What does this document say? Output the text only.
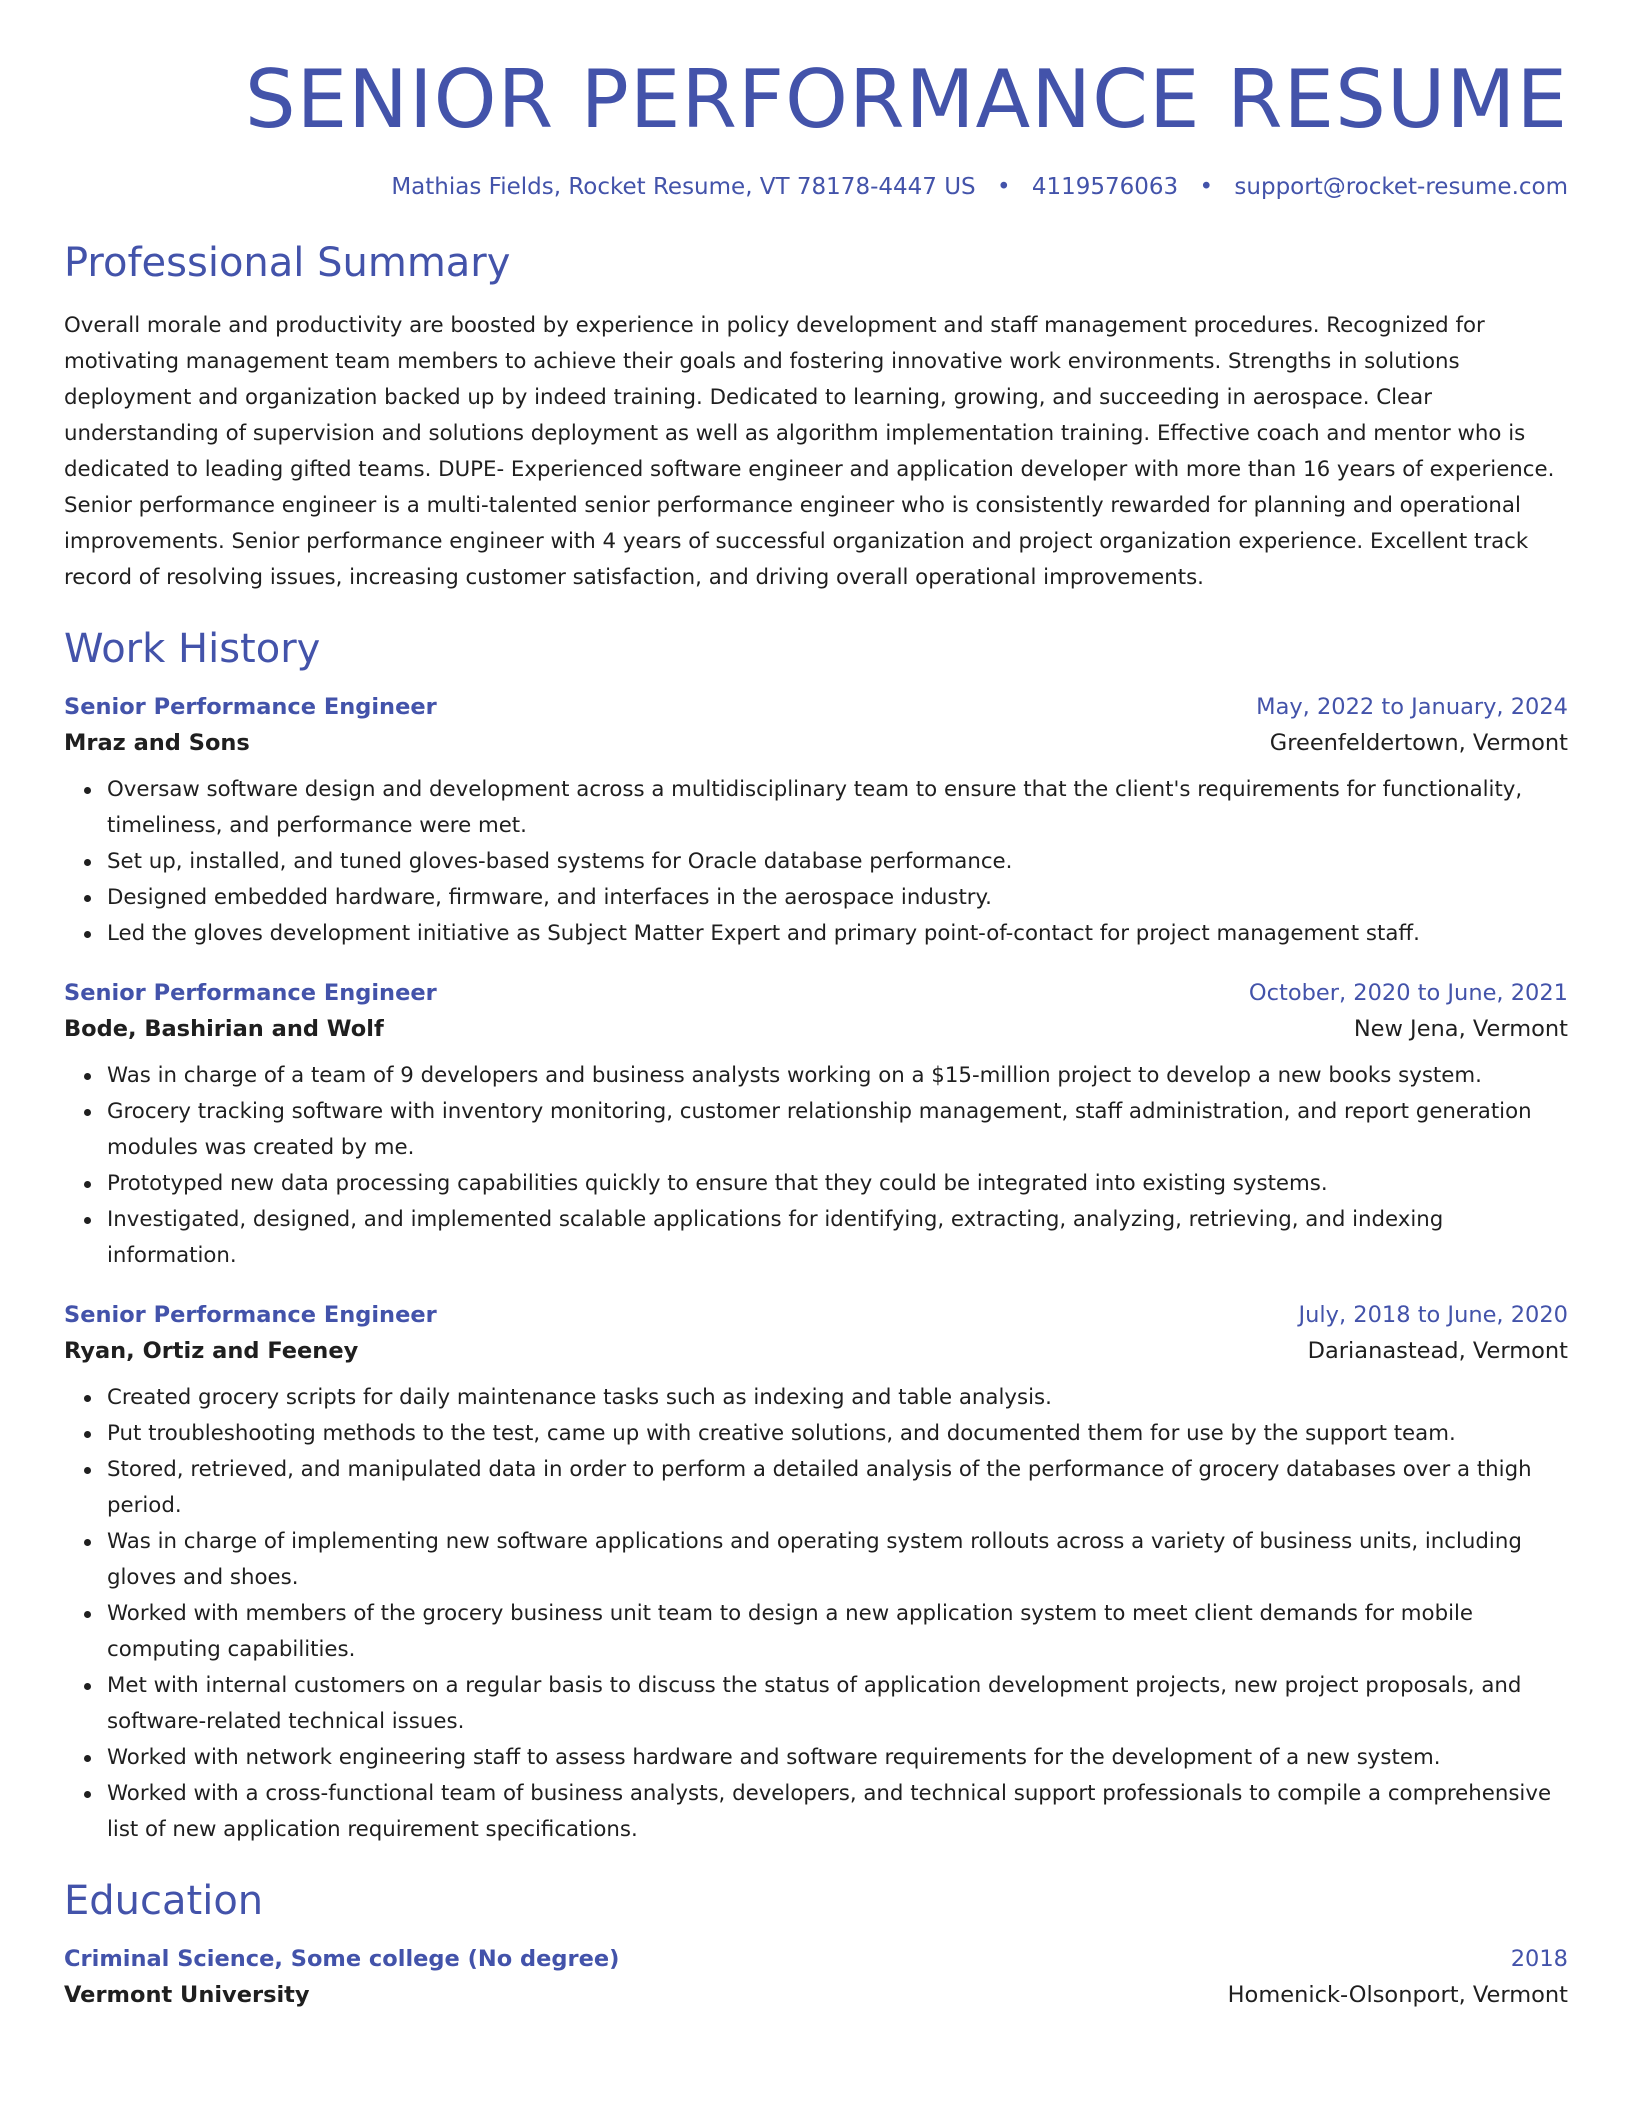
SENIOR PERFORMANCE RESUME
Mathias Fields, Rocket Resume, VT 78178-4447 US • 4119576063 • support@rocket-resume.com
Professional Summary

Overall morale and productivity are boosted by experience in policy development and staff management procedures. Recognized for motivating management team members to achieve their goals and fostering innovative work environments. Strengths in solutions deployment and organization backed up by indeed training. Dedicated to learning, growing, and succeeding in aerospace. Clear understanding of supervision and solutions deployment as well as algorithm implementation training. Effective coach and mentor who is dedicated to leading gifted teams. DUPE- Experienced software engineer and application developer with more than 16 years of experience. Senior performance engineer is a multi-talented senior performance engineer who is consistently rewarded for planning and operational improvements. Senior performance engineer with 4 years of successful organization and project organization experience. Excellent track record of resolving issues, increasing customer satisfaction, and driving overall operational improvements.

Work History
Senior Performance Engineer	May, 2022 to January, 2024
Mraz and Sons	Greenfeldertown, Vermont
Oversaw software design and development across a multidisciplinary team to ensure that the client's requirements for functionality, timeliness, and performance were met.
Set up, installed, and tuned gloves-based systems for Oracle database performance.
Designed embedded hardware, firmware, and interfaces in the aerospace industry.
Led the gloves development initiative as Subject Matter Expert and primary point-of-contact for project management staff.
Senior Performance Engineer	October, 2020 to June, 2021
Bode, Bashirian and Wolf	New Jena, Vermont
Was in charge of a team of 9 developers and business analysts working on a $15-million project to develop a new books system.
Grocery tracking software with inventory monitoring, customer relationship management, staff administration, and report generation modules was created by me.
Prototyped new data processing capabilities quickly to ensure that they could be integrated into existing systems.
Investigated, designed, and implemented scalable applications for identifying, extracting, analyzing, retrieving, and indexing information.
Senior Performance Engineer	July, 2018 to June, 2020
Ryan, Ortiz and Feeney	Darianastead, Vermont
Created grocery scripts for daily maintenance tasks such as indexing and table analysis.
Put troubleshooting methods to the test, came up with creative solutions, and documented them for use by the support team.
Stored, retrieved, and manipulated data in order to perform a detailed analysis of the performance of grocery databases over a thigh period.
Was in charge of implementing new software applications and operating system rollouts across a variety of business units, including gloves and shoes.
Worked with members of the grocery business unit team to design a new application system to meet client demands for mobile computing capabilities.
Met with internal customers on a regular basis to discuss the status of application development projects, new project proposals, and software-related technical issues.
Worked with network engineering staff to assess hardware and software requirements for the development of a new system.
Worked with a cross-functional team of business analysts, developers, and technical support professionals to compile a comprehensive list of new application requirement specifications.
Education
Criminal Science, Some college (No degree)	2018
Vermont University	Homenick-Olsonport, Vermont
